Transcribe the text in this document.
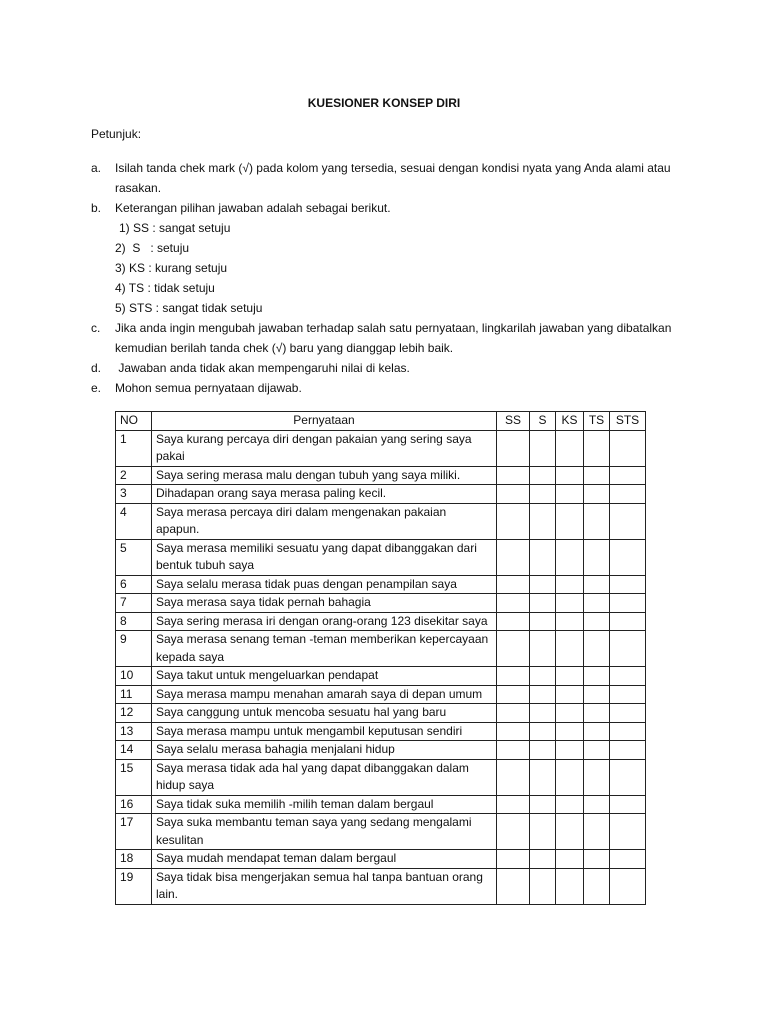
KUESIONER KONSEP DIRI
Petunjuk:
a.	Isilah tanda chek mark (√) pada kolom yang tersedia, sesuai dengan kondisi nyata yang Anda alami atau rasakan.
b.	Keterangan pilihan jawaban adalah sebagai berikut.
1) SS : sangat setuju
2)  S   : setuju
3) KS : kurang setuju
4) TS : tidak setuju
5) STS : sangat tidak setuju
c.	Jika anda ingin mengubah jawaban terhadap salah satu pernyataan, lingkarilah jawaban yang dibatalkan kemudian berilah tanda chek (√) baru yang dianggap lebih baik.
d.	Jawaban anda tidak akan mempengaruhi nilai di kelas.
e.	Mohon semua pernyataan dijawab.
NO	Pernyataan	SS	S	KS	TS	STS
1	Saya kurang percaya diri dengan pakaian yang sering saya pakai					
2	Saya sering merasa malu dengan tubuh yang saya miliki.					
3	Dihadapan orang saya merasa paling kecil.					
4	Saya merasa percaya diri dalam mengenakan pakaian apapun.					
5	Saya merasa memiliki sesuatu yang dapat dibanggakan dari bentuk tubuh saya					
6	Saya selalu merasa tidak puas dengan penampilan saya					
7	Saya merasa saya tidak pernah bahagia					
8	Saya sering merasa iri dengan orang-orang 123 disekitar saya					
9	Saya merasa senang teman -teman memberikan kepercayaan kepada saya					
10	Saya takut untuk mengeluarkan pendapat					
11	Saya merasa mampu menahan amarah saya di depan umum					
12	Saya canggung untuk mencoba sesuatu hal yang baru					
13	Saya merasa mampu untuk mengambil keputusan sendiri					
14	Saya selalu merasa bahagia menjalani hidup					
15	Saya merasa tidak ada hal yang dapat dibanggakan dalam hidup saya					
16	Saya tidak suka memilih -milih teman dalam bergaul					
17	Saya suka membantu teman saya yang sedang mengalami kesulitan					
18	Saya mudah mendapat teman dalam bergaul					
19	Saya tidak bisa mengerjakan semua hal tanpa bantuan orang lain.					
